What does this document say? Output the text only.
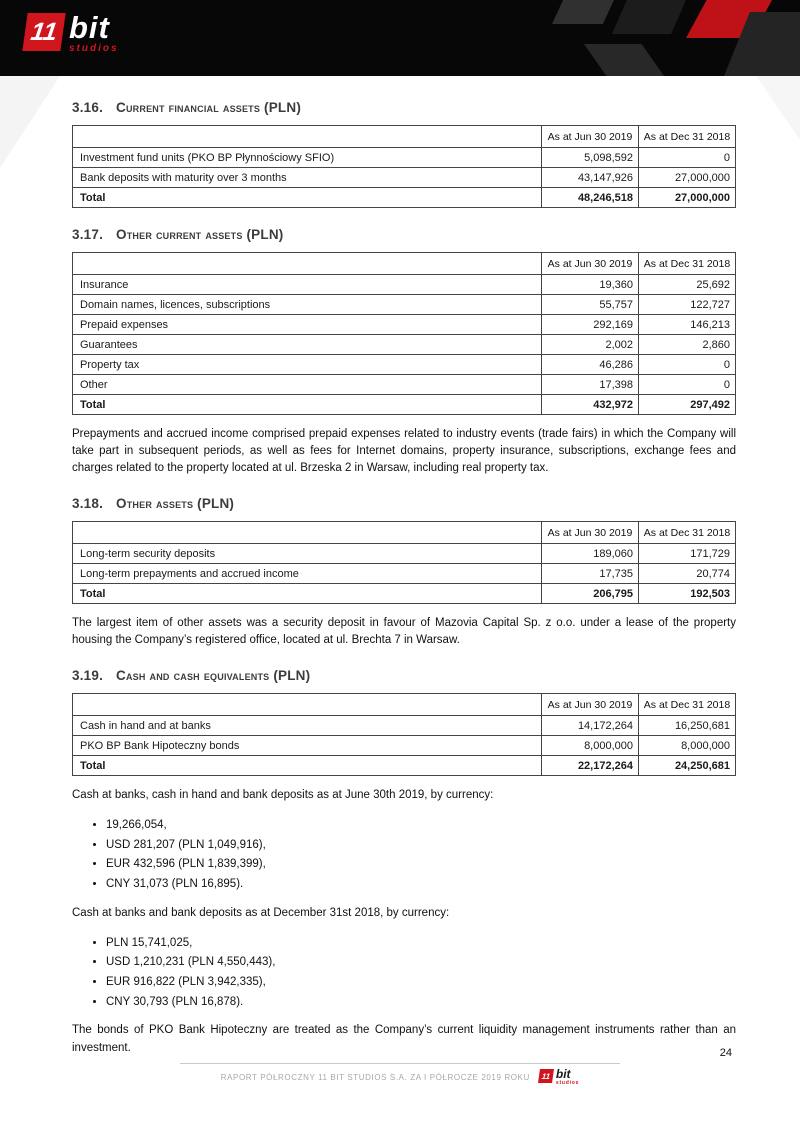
11 bit
studios
3.16. Current financial assets (PLN)
	As at Jun 30 2019	As at Dec 31 2018
Investment fund units (PKO BP Płynnościowy SFIO)	5,098,592	0
Bank deposits with maturity over 3 months	43,147,926	27,000,000
Total	48,246,518	27,000,000
3.17. Other current assets (PLN)
	As at Jun 30 2019	As at Dec 31 2018
Insurance	19,360	25,692
Domain names, licences, subscriptions	55,757	122,727
Prepaid expenses	292,169	146,213
Guarantees	2,002	2,860
Property tax	46,286	0
Other	17,398	0
Total	432,972	297,492

Prepayments and accrued income comprised prepaid expenses related to industry events (trade fairs) in which the Company will take part in subsequent periods, as well as fees for Internet domains, property insurance, subscriptions, exchange fees and charges related to the property located at ul. Brzeska 2 in Warsaw, including real property tax.

3.18. Other assets (PLN)
	As at Jun 30 2019	As at Dec 31 2018
Long-term security deposits	189,060	171,729
Long-term prepayments and accrued income	17,735	20,774
Total	206,795	192,503

The largest item of other assets was a security deposit in favour of Mazovia Capital Sp. z o.o. under a lease of the property housing the Company’s registered office, located at ul. Brechta 7 in Warsaw.

3.19. Cash and cash equivalents (PLN)
	As at Jun 30 2019	As at Dec 31 2018
Cash in hand and at banks	14,172,264	16,250,681
PKO BP Bank Hipoteczny bonds	8,000,000	8,000,000
Total	22,172,264	24,250,681

Cash at banks, cash in hand and bank deposits as at June 30th 2019, by currency:

• 19,266,054,
• USD 281,207 (PLN 1,049,916),
• EUR 432,596 (PLN 1,839,399),
• CNY 31,073 (PLN 16,895).

Cash at banks and bank deposits as at December 31st 2018, by currency:

• PLN 15,741,025,
• USD 1,210,231 (PLN 4,550,443),
• EUR 916,822 (PLN 3,942,335),
• CNY 30,793 (PLN 16,878).

The bonds of PKO Bank Hipoteczny are treated as the Company’s current liquidity management instruments rather than an investment.	24
RAPORT PÓŁROCZNY 11 BIT STUDIOS S.A. ZA I PÓŁROCZE 2019 ROKU	11 bit
studios
